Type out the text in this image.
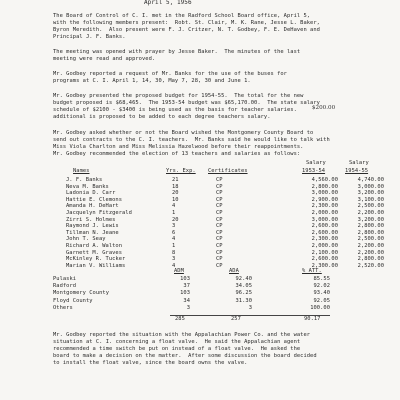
April 5, 1956
The Board of Control of C. I. met in the Radford School Board office, April 5,
with the following members present:  Robt. St. Clair, M. K. Rane, Jesse L. Baker,
Byron Meredith.  Also present were F. J. Critzer, N. T. Godbey, F. E. DeHaven and
Principal J. F. Banks.
The meeting was opened with prayer by Jesse Baker.  The minutes of the last
meeting were read and approved.
Mr. Godbey reported a request of Mr. Banks for the use of the buses for
programs at C. I. April 1, 14, 30, May 7, 28, 30 and June 1.
Mr. Godbey presented the proposed budget for 1954-55.  The total for the new
budget proposed is $68,465.  The 1953-54 budget was $65,170.00.  The state salary
schedule of $2100 - $3400 is being used as the basis for teacher salaries.
additional is proposed to be added to each degree teachers salary.
$200.00
Mr. Godbey asked whether or not the Board wished the Montgomery County Board to
send out contracts to the C. I. teachers.  Mr. Banks said he would like to talk with
Miss Viola Charlton and Miss Melissia Hazelwood before their reappointments.
Mr. Godbey recommended the election of 13 teachers and salaries as follows:
Salary	Salary
Names	Yrs. Exp. Certificates	1953-54	1954-55
J. F. Banks	21	CP	4,560.00	4,740.00
Neva M. Banks	18	CP	2,800.00	3,000.00
Ladonia D. Carr	20	CP	3,000.00	3,200.00
Hattie E. Clemons	10	CP	2,900.00	3,100.00
Amanda H. DeHart	4	CP	2,300.00	2,500.00
Jacquelyn Fitzgerald	1	CP	2,000.00	2,200.00
Zirri S. Holmes	20	CP	3,000.00	3,200.00
Raymond J. Lewis	3	CP	2,600.00	2,800.00
Tillman N. Jeane	6	CP	2,600.00	2,800.00
John T. Seay	4	CP	2,300.00	2,500.00
Richard A. Walton	1	CP	2,000.00	2,200.00
Garnett M. Graves	8	CP	2,100.00	2,200.00
McKinley R. Tucker	3	CP	2,600.00	2,800.00
Marian V. Williams	4	CP	2,300.00	2,520.00
ADM	ADA	% ATT.
Pulaski	103	92.40	85.55
Radford	37	34.05	92.02
Montgomery County	103	96.25	93.40
Floyd County	34	31.30	92.05
Others	3	3	100.00
285	257	90.17
Mr. Godbey reported the situation with the Appalachian Power Co. and the water
situation at C. I. concerning a float valve.  He said the Appalachian agent
recommended a time switch be put on instead of a float valve.  He asked the
board to make a decision on the matter.  After some discussion the board decided
to install the float valve, since the board owns the valve.
